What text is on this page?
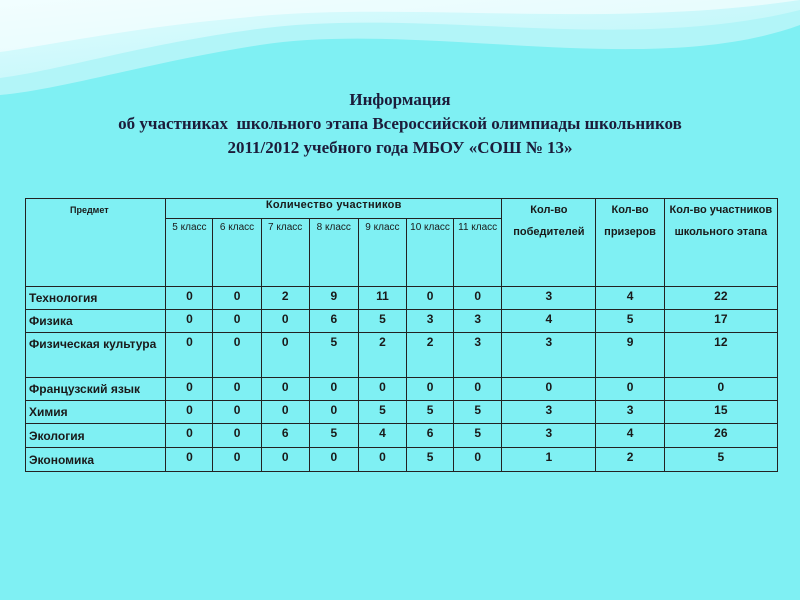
Информация
об участниках  школьного этапа Всероссийской олимпиады школьников
2011/2012 учебного года МБОУ «СОШ № 13»
Предмет	Количество участников							Кол-во победителей	Кол-во призеров	Кол-во участников школьного этапа
	5 класс	6 класс	7 класс	8 класс	9 класс	10 класс	11 класс			
Технология	0	0	2	9	11	0	0	3	4	22
Физика	0	0	0	6	5	3	3	4	5	17
Физическая культура	0	0	0	5	2	2	3	3	9	12
Французский язык	0	0	0	0	0	0	0	0	0	0
Химия	0	0	0	0	5	5	5	3	3	15
Экология	0	0	6	5	4	6	5	3	4	26
Экономика	0	0	0	0	0	5	0	1	2	5
